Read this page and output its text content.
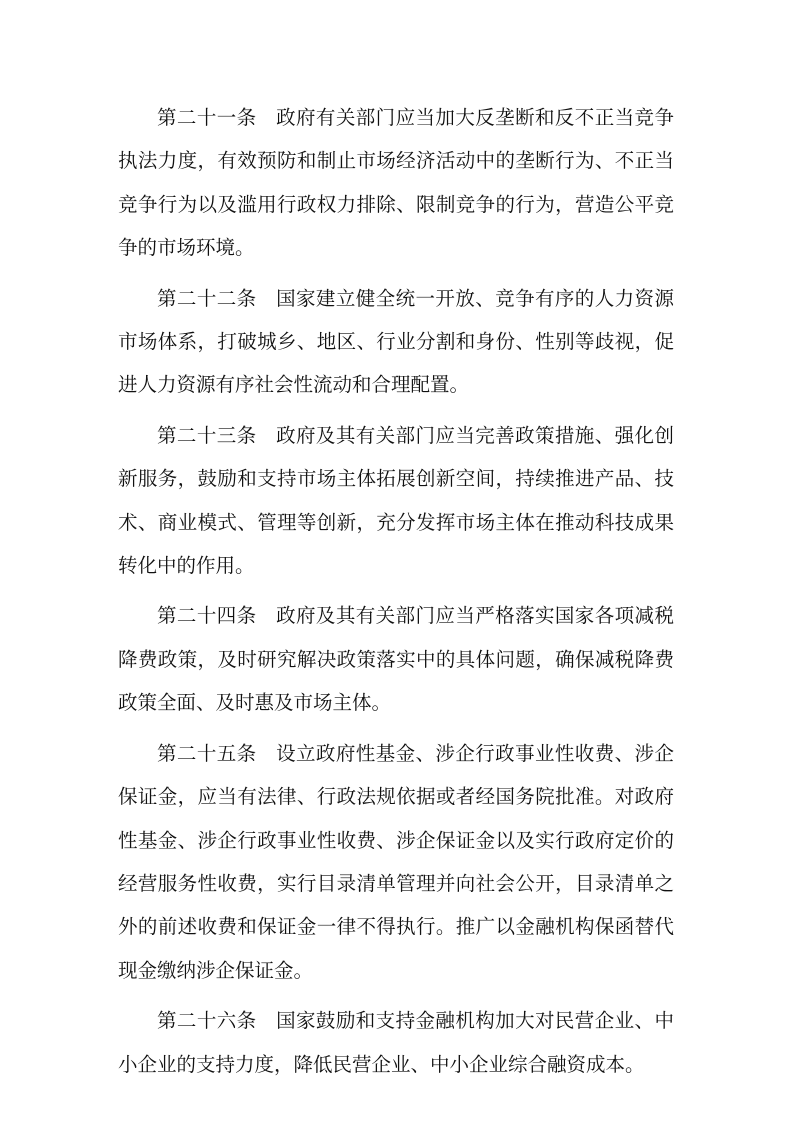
第二十一条 政府有关部门应当加大反垄断和反不正当竞争执法力度，有效预防和制止市场经济活动中的垄断行为、不正当竞争行为以及滥用行政权力排除、限制竞争的行为，营造公平竞争的市场环境。

第二十二条 国家建立健全统一开放、竞争有序的人力资源市场体系，打破城乡、地区、行业分割和身份、性别等歧视，促进人力资源有序社会性流动和合理配置。

第二十三条 政府及其有关部门应当完善政策措施、强化创新服务，鼓励和支持市场主体拓展创新空间，持续推进产品、技术、商业模式、管理等创新，充分发挥市场主体在推动科技成果转化中的作用。

第二十四条 政府及其有关部门应当严格落实国家各项减税降费政策，及时研究解决政策落实中的具体问题，确保减税降费政策全面、及时惠及市场主体。

第二十五条 设立政府性基金、涉企行政事业性收费、涉企保证金，应当有法律、行政法规依据或者经国务院批准。对政府性基金、涉企行政事业性收费、涉企保证金以及实行政府定价的经营服务性收费，实行目录清单管理并向社会公开，目录清单之外的前述收费和保证金一律不得执行。推广以金融机构保函替代现金缴纳涉企保证金。

第二十六条 国家鼓励和支持金融机构加大对民营企业、中小企业的支持力度，降低民营企业、中小企业综合融资成本。
